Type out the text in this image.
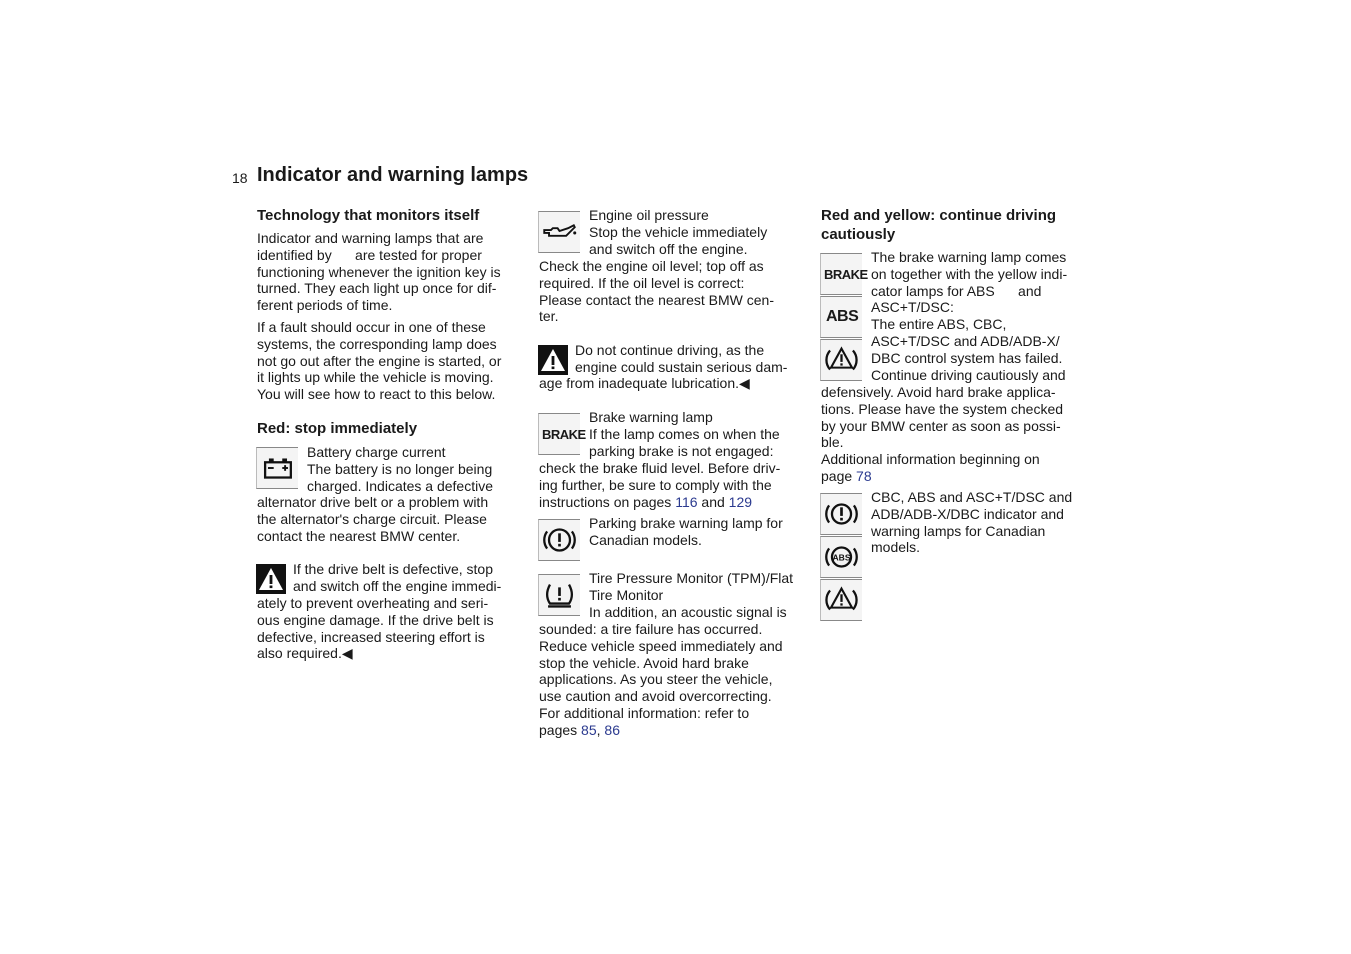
18 Indicator and warning lamps
Technology that monitors itself
Indicator and warning lamps that are
identified by      are tested for proper
functioning whenever the ignition key is
turned. They each light up once for dif-
ferent periods of time.
If a fault should occur in one of these
systems, the corresponding lamp does
not go out after the engine is started, or
it lights up while the vehicle is moving.
You will see how to react to this below.
Red: stop immediately
Battery charge current
The battery is no longer being
charged. Indicates a defective
alternator drive belt or a problem with
the alternator's charge circuit. Please
contact the nearest BMW center.
If the drive belt is defective, stop
and switch off the engine immedi-
ately to prevent overheating and seri-
ous engine damage. If the drive belt is
defective, increased steering effort is
also required.◀
Engine oil pressure
Stop the vehicle immediately
and switch off the engine.
Check the engine oil level; top off as
required. If the oil level is correct:
Please contact the nearest BMW cen-
ter.
Do not continue driving, as the
engine could sustain serious dam-
age from inadequate lubrication.◀
BRAKE
Brake warning lamp
If the lamp comes on when the
parking brake is not engaged:
check the brake fluid level. Before driv-
ing further, be sure to comply with the
instructions on pages 116 and 129
Parking brake warning lamp for
Canadian models.
Tire Pressure Monitor (TPM)/Flat
Tire Monitor
In addition, an acoustic signal is
sounded: a tire failure has occurred.
Reduce vehicle speed immediately and
stop the vehicle. Avoid hard brake
applications. As you steer the vehicle,
use caution and avoid overcorrecting.
For additional information: refer to
pages 85, 86
Red and yellow: continue driving
cautiously
BRAKE
ABS
The brake warning lamp comes
on together with the yellow indi-
cator lamps for ABS      and
ASC+T/DSC:
The entire ABS, CBC,
ASC+T/DSC and ADB/ADB-X/
DBC control system has failed.
Continue driving cautiously and
defensively. Avoid hard brake applica-
tions. Please have the system checked
by your BMW center as soon as possi-
ble.
Additional information beginning on
page 78
ABS
CBC, ABS and ASC+T/DSC and
ADB/ADB-X/DBC indicator and
warning lamps for Canadian
models.
